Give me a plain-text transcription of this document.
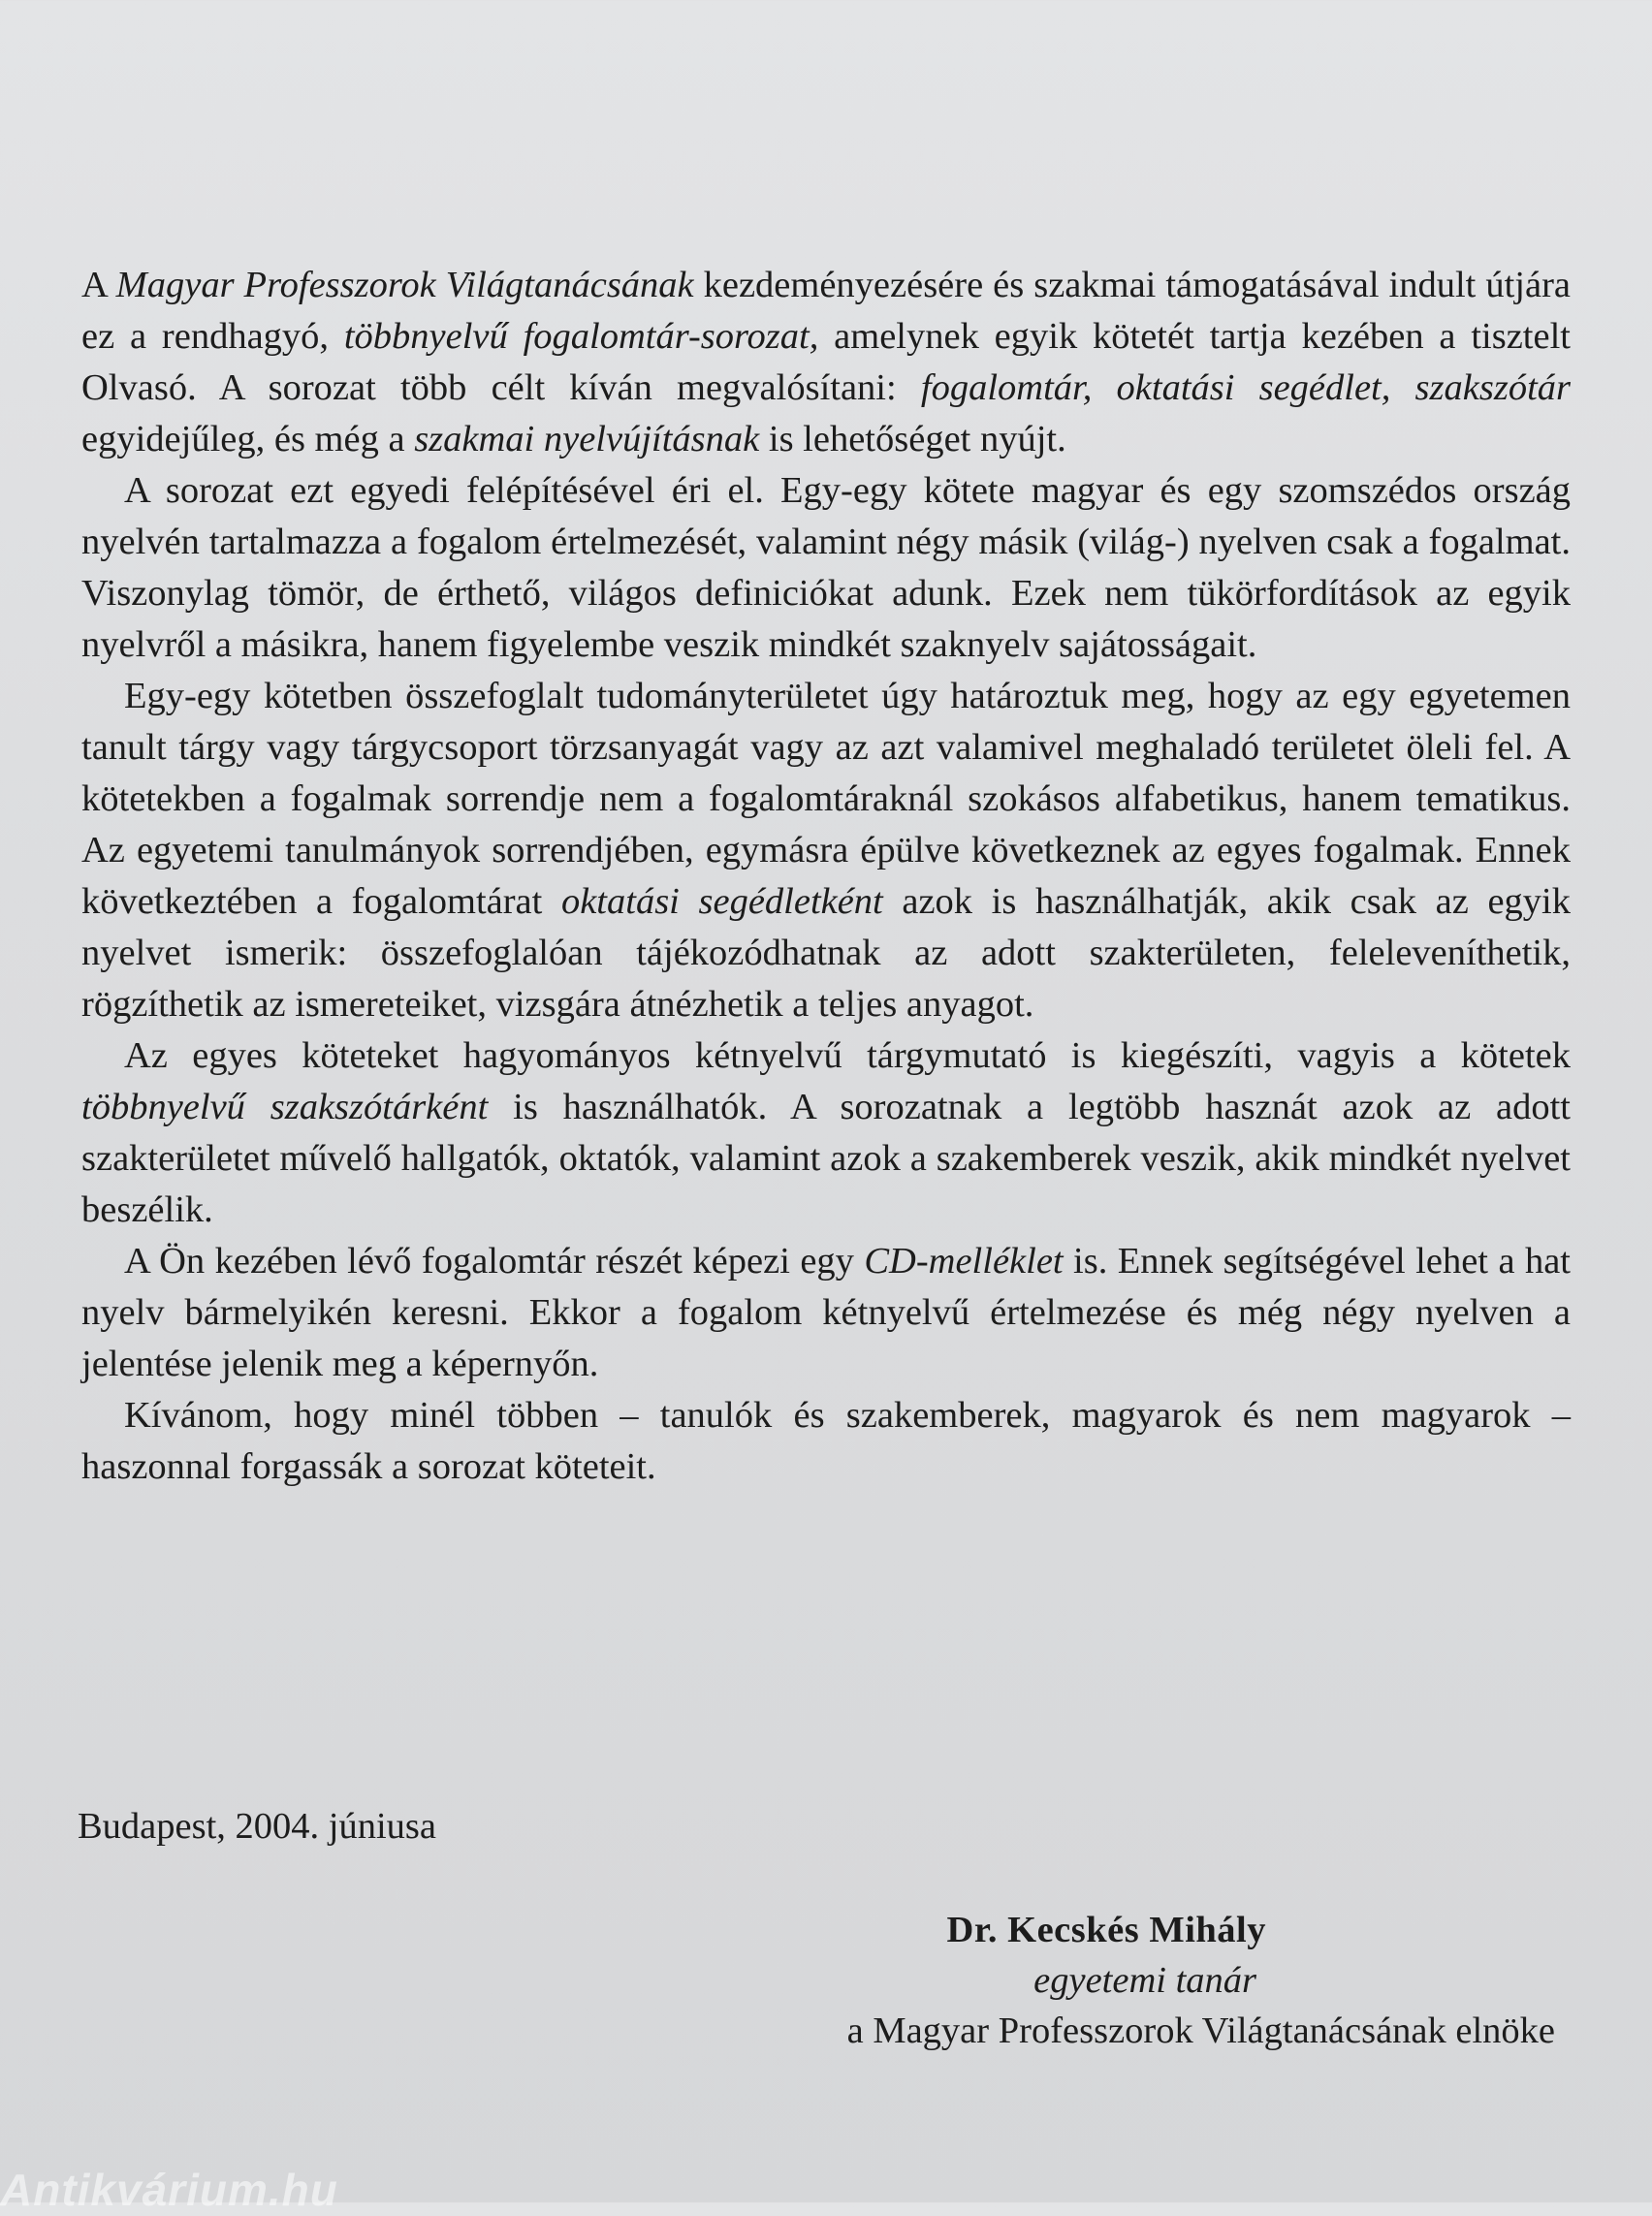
A Magyar Professzorok Világtanácsának kezdeményezésére és szakmai támogatásával indult útjára ez a rendhagyó, többnyelvű fogalomtár-sorozat, amelynek egyik kötetét tartja kezében a tisztelt Olvasó. A sorozat több célt kíván megvalósítani: fogalomtár, oktatási segédlet, szakszótár egyidejűleg, és még a szakmai nyelvújításnak is lehetőséget nyújt.

A sorozat ezt egyedi felépítésével éri el. Egy-egy kötete magyar és egy szomszédos ország nyelvén tartalmazza a fogalom értelmezését, valamint négy másik (világ-) nyelven csak a fogalmat. Viszonylag tömör, de érthető, világos definiciókat adunk. Ezek nem tükörfordítások az egyik nyelvről a másikra, hanem figyelembe veszik mindkét szaknyelv sajátosságait.

Egy-egy kötetben összefoglalt tudományterületet úgy határoztuk meg, hogy az egy egyetemen tanult tárgy vagy tárgycsoport törzsanyagát vagy az azt valamivel meghaladó területet öleli fel. A kötetekben a fogalmak sorrendje nem a fogalomtáraknál szokásos alfabetikus, hanem tematikus. Az egyetemi tanulmányok sorrendjében, egymásra épülve következnek az egyes fogalmak. Ennek következtében a fogalomtárat oktatási segédletként azok is használhatják, akik csak az egyik nyelvet ismerik: összefoglalóan tájékozódhatnak az adott szakterületen, feleleveníthetik, rögzíthetik az ismereteiket, vizsgára átnézhetik a teljes anyagot.

Az egyes köteteket hagyományos kétnyelvű tárgymutató is kiegészíti, vagyis a kötetek többnyelvű szakszótárként is használhatók. A sorozatnak a legtöbb hasznát azok az adott szakterületet művelő hallgatók, oktatók, valamint azok a szakemberek veszik, akik mindkét nyelvet beszélik.

A Ön kezében lévő fogalomtár részét képezi egy CD-melléklet is. Ennek segítségével lehet a hat nyelv bármelyikén keresni. Ekkor a fogalom kétnyelvű értelmezése és még négy nyelven a jelentése jelenik meg a képernyőn.

Kívánom, hogy minél többen – tanulók és szakemberek, magyarok és nem magyarok – haszonnal forgassák a sorozat köteteit.

Budapest, 2004. júniusa
Dr. Kecskés Mihály
egyetemi tanár
a Magyar Professzorok Világtanácsának elnöke
Antikvárium.hu
